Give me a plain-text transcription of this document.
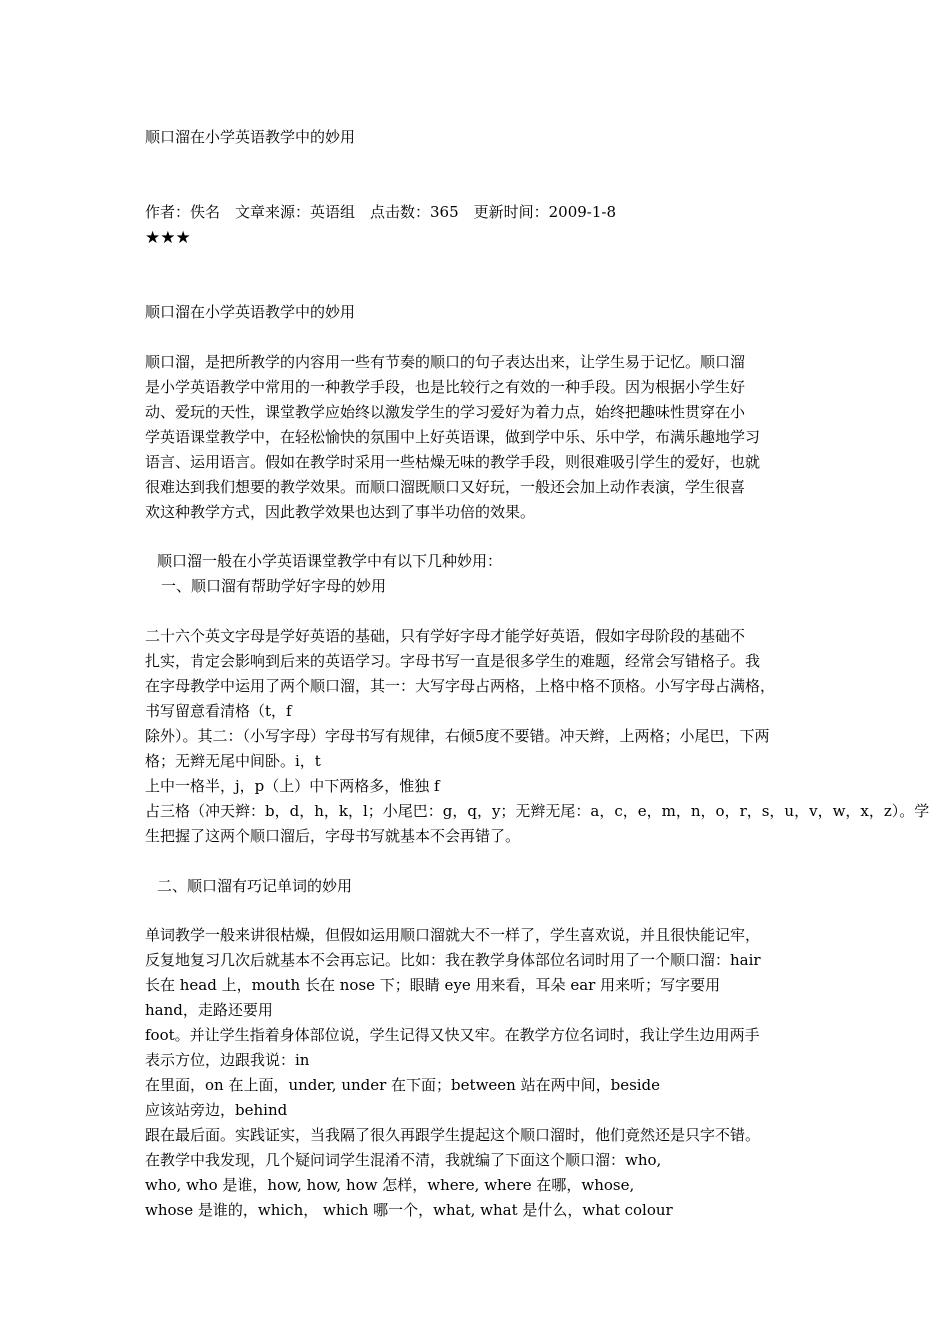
顺口溜在小学英语教学中的妙用
作者：佚名　文章来源：英语组　点击数：365　更新时间：2009-1-8
★★★
顺口溜在小学英语教学中的妙用
顺口溜，是把所教学的内容用一些有节奏的顺口的句子表达出来，让学生易于记忆。顺口溜
是小学英语教学中常用的一种教学手段，也是比较行之有效的一种手段。因为根据小学生好
动、爱玩的天性，课堂教学应始终以激发学生的学习爱好为着力点，始终把趣味性贯穿在小
学英语课堂教学中，在轻松愉快的氛围中上好英语课，做到学中乐、乐中学，布满乐趣地学习
语言、运用语言。假如在教学时采用一些枯燥无味的教学手段，则很难吸引学生的爱好，也就
很难达到我们想要的教学效果。而顺口溜既顺口又好玩，一般还会加上动作表演，学生很喜
欢这种教学方式，因此教学效果也达到了事半功倍的效果。
顺口溜一般在小学英语课堂教学中有以下几种妙用：
一、顺口溜有帮助学好字母的妙用
二十六个英文字母是学好英语的基础，只有学好字母才能学好英语，假如字母阶段的基础不
扎实，肯定会影响到后来的英语学习。字母书写一直是很多学生的难题，经常会写错格子。我
在字母教学中运用了两个顺口溜，其一：大写字母占两格，上格中格不顶格。小写字母占满格，
书写留意看清格（t，f
除外）。其二：（小写字母）字母书写有规律，右倾5度不要错。冲天辫，上两格；小尾巴，下两
格；无辫无尾中间卧。i，t
上中一格半，j，p（上）中下两格多，惟独 f
占三格（冲天辫：b，d，h，k，l；小尾巴：g，q，y；无辫无尾：a，c，e，m，n，o，r，s，u，v，w，x，z）。学
生把握了这两个顺口溜后，字母书写就基本不会再错了。
二、顺口溜有巧记单词的妙用
单词教学一般来讲很枯燥，但假如运用顺口溜就大不一样了，学生喜欢说，并且很快能记牢，
反复地复习几次后就基本不会再忘记。比如：我在教学身体部位名词时用了一个顺口溜：hair
长在 head 上，mouth 长在 nose 下；眼睛 eye 用来看，耳朵 ear 用来听；写字要用
hand，走路还要用
foot。并让学生指着身体部位说，学生记得又快又牢。在教学方位名词时，我让学生边用两手
表示方位，边跟我说：in
在里面，on 在上面，under, under 在下面；between 站在两中间，beside
应该站旁边，behind
跟在最后面。实践证实，当我隔了很久再跟学生提起这个顺口溜时，他们竟然还是只字不错。
在教学中我发现，几个疑问词学生混淆不清，我就编了下面这个顺口溜：who,
who, who 是谁，how, how, how 怎样，where, where 在哪，whose,
whose 是谁的，which， which 哪一个，what, what 是什么，what colour
